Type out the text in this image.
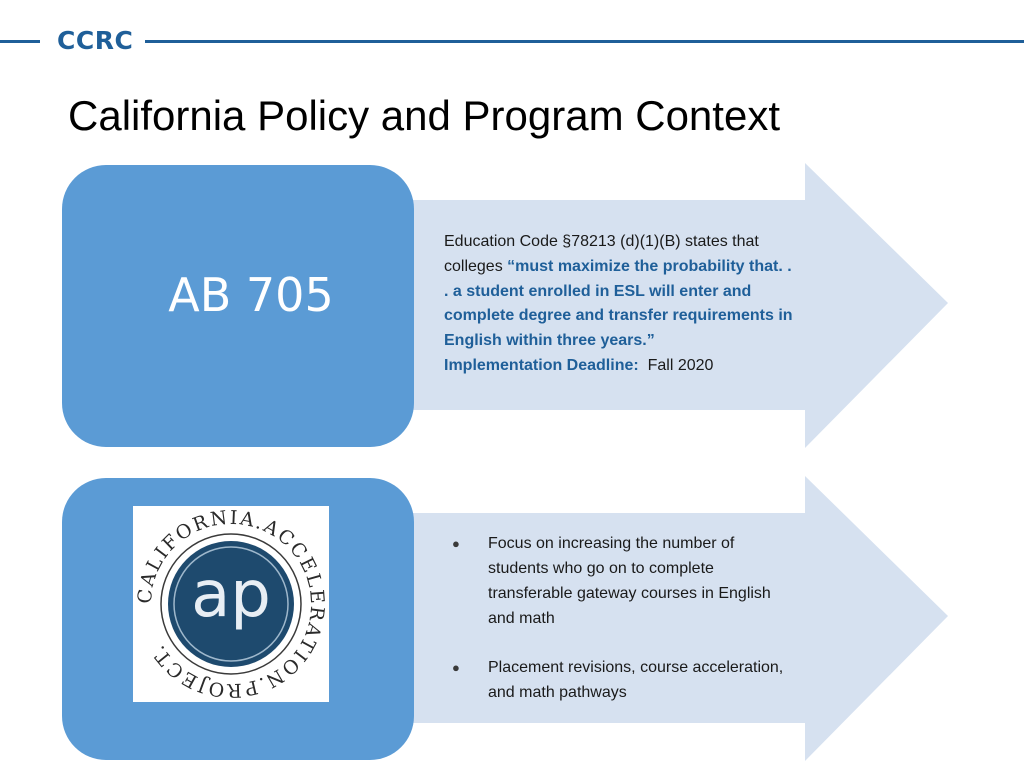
CCRC
California Policy and Program Context
AB 705
CALIFORNIA.ACCELERATION.PROJECT.
ap
Education Code §78213 (d)(1)(B) states that colleges “must maximize the probability that. . . a student enrolled in ESL will enter and complete degree and transfer requirements in English within three years.”
Implementation Deadline: Fall 2020
● Focus on increasing the number of students who go on to complete transferable gateway courses in English and math
● Placement revisions, course acceleration, and math pathways
